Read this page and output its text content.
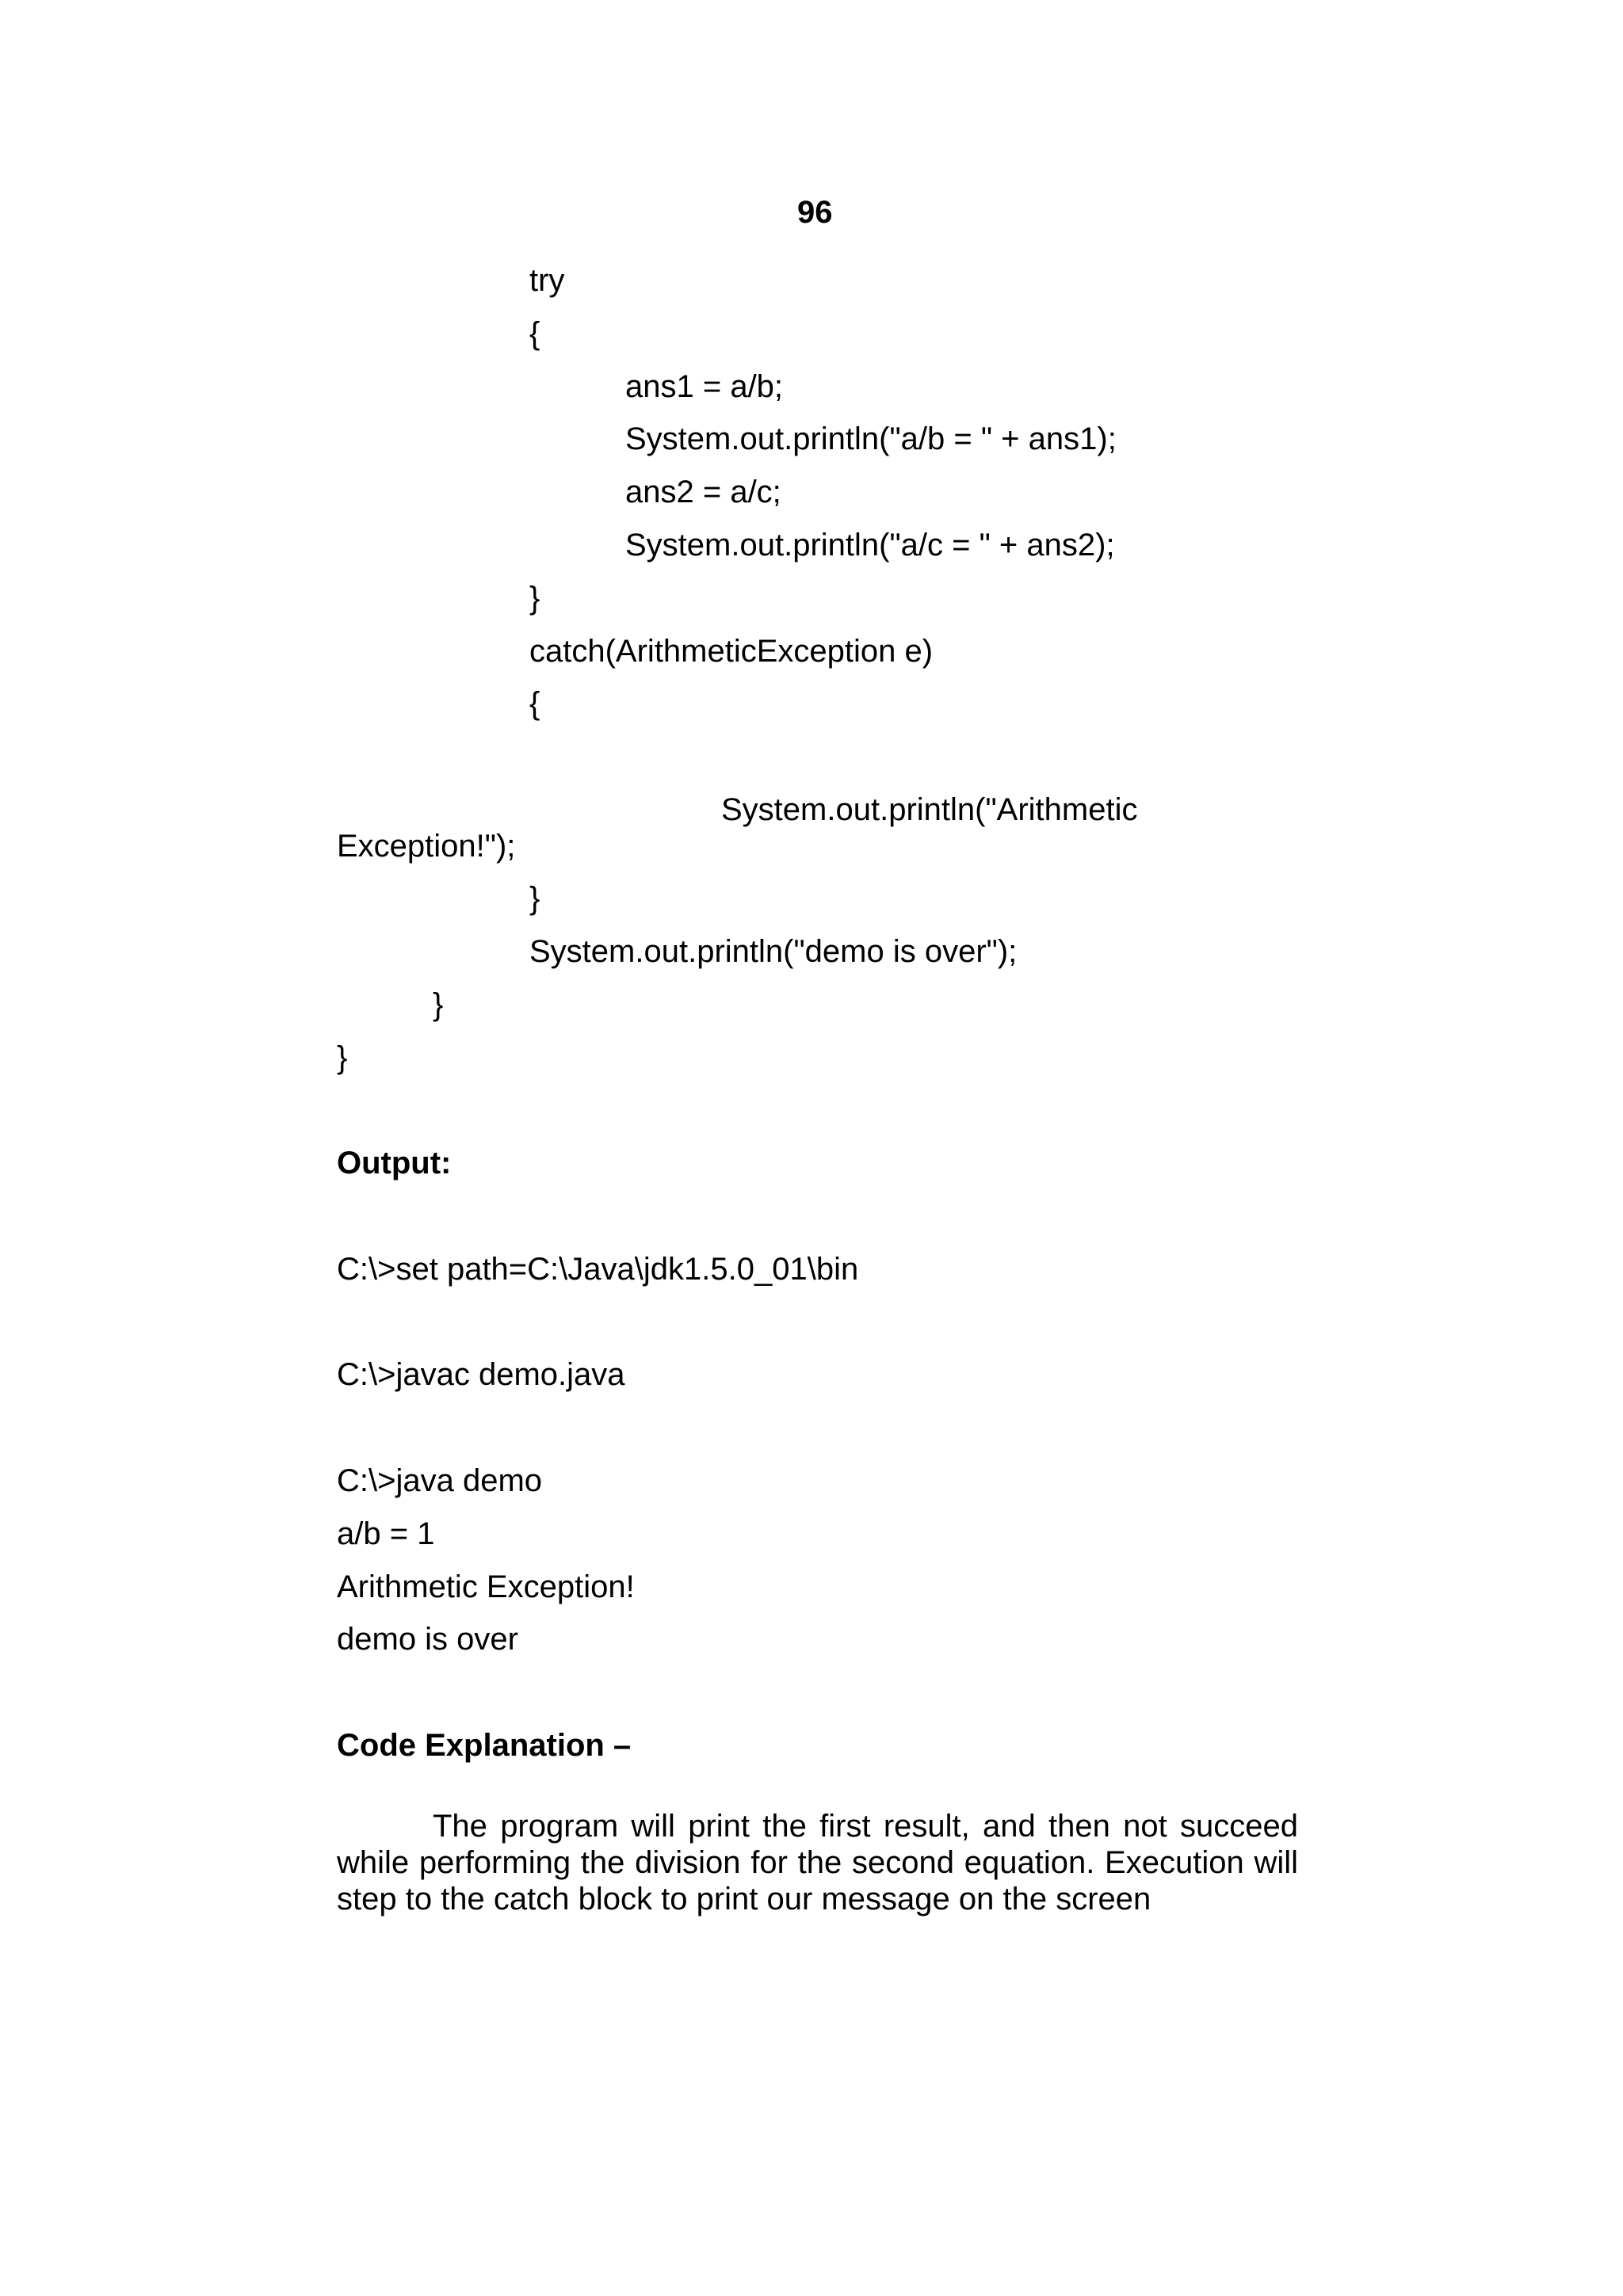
96
try
{
ans1 = a/b;
System.out.println("a/b = " + ans1);
ans2 = a/c;
System.out.println("a/c = " + ans2);
}
catch(ArithmeticException e)
{
System.out.println("Arithmetic
Exception!");
}
System.out.println("demo is over");
}
}
Output:
C:\>set path=C:\Java\jdk1.5.0_01\bin
C:\>javac demo.java
C:\>java demo
a/b = 1
Arithmetic Exception!
demo is over
Code Explanation –
The program will print the first result, and then not succeed
while performing the division for the second equation. Execution will
step to the catch block to print our message on the screen
